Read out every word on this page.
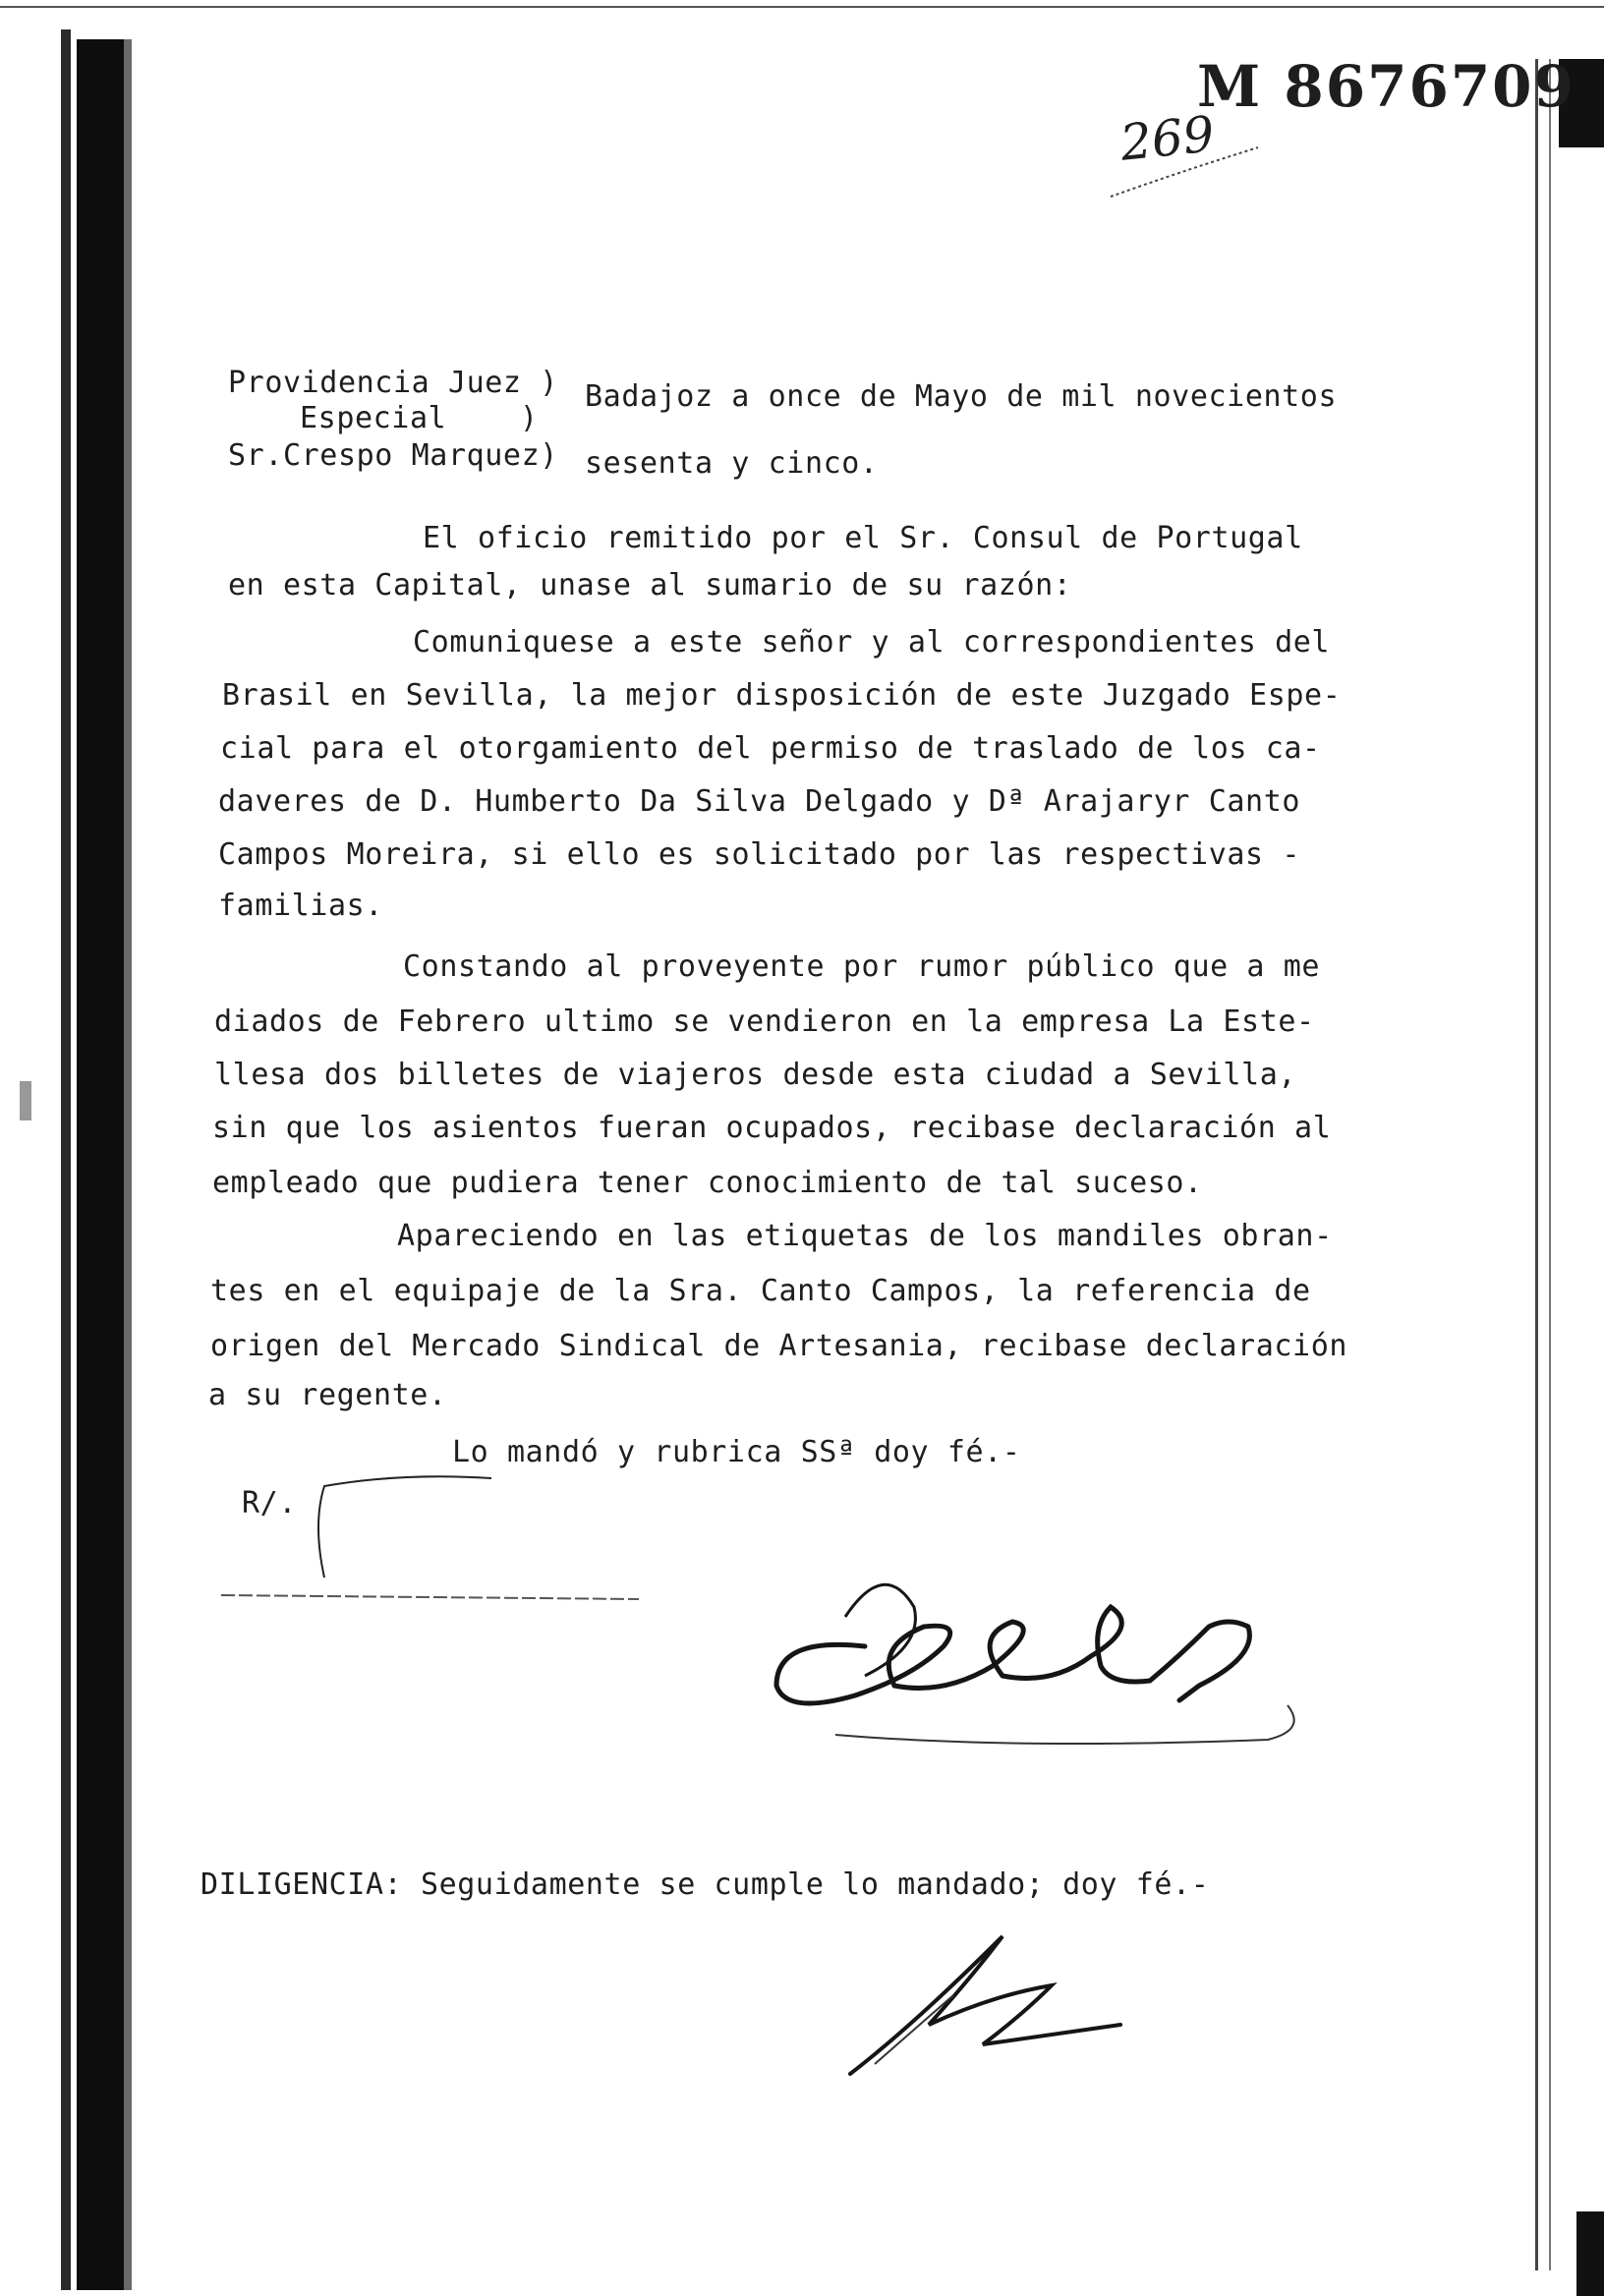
M 8676709
269
Providencia Juez )
Especial    )
Sr.Crespo Marquez)
Badajoz a once de Mayo de mil novecientos
sesenta y cinco.
El oficio remitido por el Sr. Consul de Portugal
en esta Capital, unase al sumario de su razón:
Comuniquese a este señor y al correspondientes del
Brasil en Sevilla, la mejor disposición de este Juzgado Espe-
cial para el otorgamiento del permiso de traslado de los ca-
daveres de D. Humberto Da Silva Delgado y Dª Arajaryr Canto
Campos Moreira, si ello es solicitado por las respectivas -
familias.
Constando al proveyente por rumor público que a me
diados de Febrero ultimo se vendieron en la empresa La Este-
llesa dos billetes de viajeros desde esta ciudad a Sevilla,
sin que los asientos fueran ocupados, recibase declaración al
empleado que pudiera tener conocimiento de tal suceso.
Apareciendo en las etiquetas de los mandiles obran-
tes en el equipaje de la Sra. Canto Campos, la referencia de
origen del Mercado Sindical de Artesania, recibase declaración
a su regente.
Lo mandó y rubrica SSª doy fé.-
R/.
DILIGENCIA: Seguidamente se cumple lo mandado; doy fé.-
